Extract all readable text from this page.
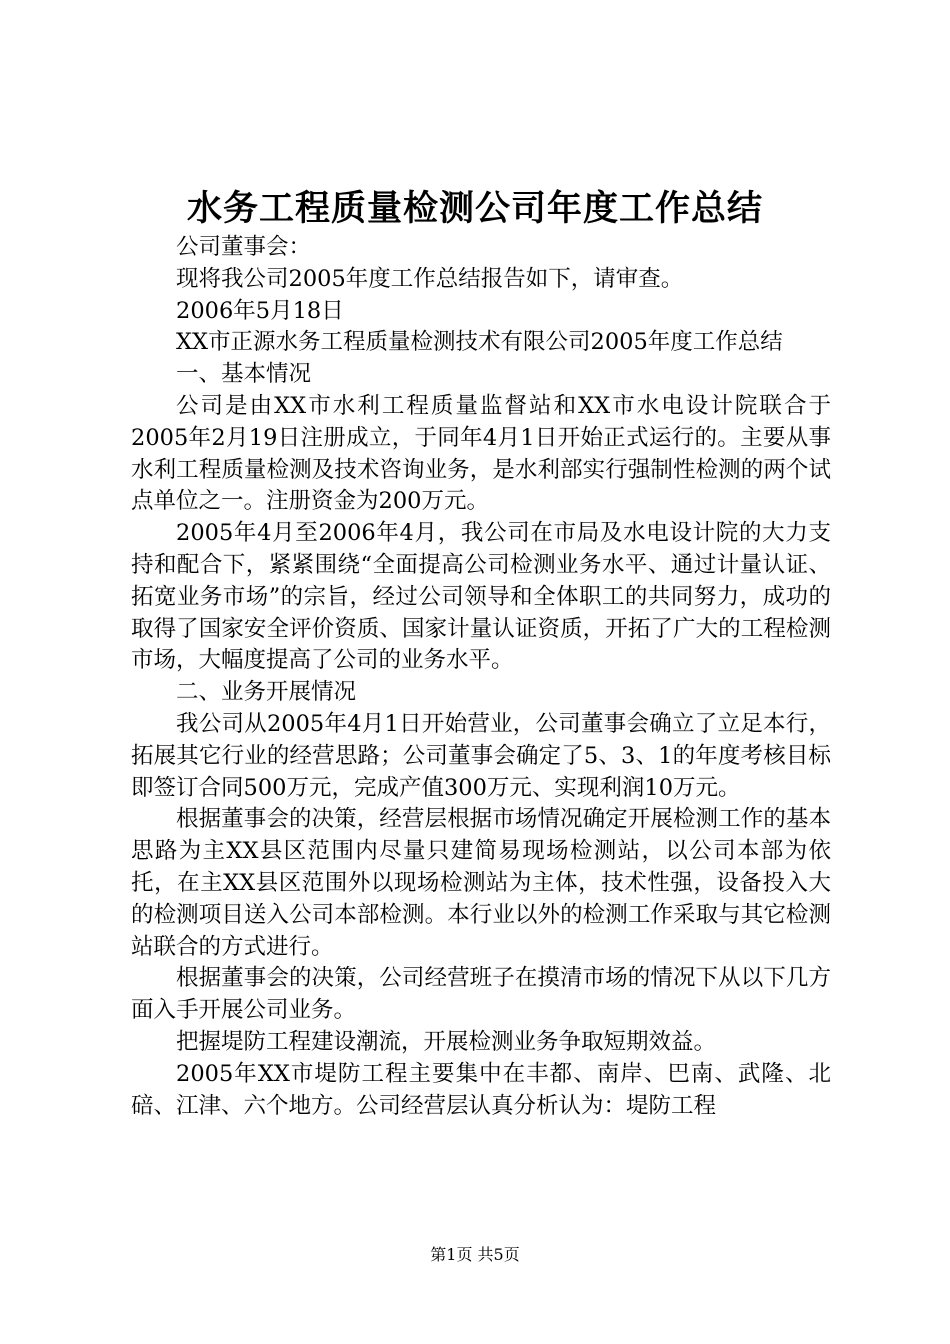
水务工程质量检测公司年度工作总结

公司董事会：

现将我公司2005年度工作总结报告如下，请审查。

2006年5月18日

XX市正源水务工程质量检测技术有限公司2005年度工作总结

一、基本情况

公司是由XX市水利工程质量监督站和XX市水电设计院联合于2005年2月19日注册成立，于同年4月1日开始正式运行的。主要从事水利工程质量检测及技术咨询业务，是水利部实行强制性检测的两个试点单位之一。注册资金为200万元。

2005年4月至2006年4月，我公司在市局及水电设计院的大力支持和配合下，紧紧围绕“全面提高公司检测业务水平、通过计量认证、拓宽业务市场”的宗旨，经过公司领导和全体职工的共同努力，成功的取得了国家安全评价资质、国家计量认证资质，开拓了广大的工程检测市场，大幅度提高了公司的业务水平。

二、业务开展情况

我公司从2005年4月1日开始营业，公司董事会确立了立足本行，拓展其它行业的经营思路；公司董事会确定了5、3、1的年度考核目标即签订合同500万元，完成产值300万元、实现利润10万元。

根据董事会的决策，经营层根据市场情况确定开展检测工作的基本思路为主XX县区范围内尽量只建简易现场检测站，以公司本部为依托，在主XX县区范围外以现场检测站为主体，技术性强，设备投入大的检测项目送入公司本部检测。本行业以外的检测工作采取与其它检测站联合的方式进行。

根据董事会的决策，公司经营班子在摸清市场的情况下从以下几方面入手开展公司业务。

把握堤防工程建设潮流，开展检测业务争取短期效益。

2005年XX市堤防工程主要集中在丰都、南岸、巴南、武隆、北碚、江津、六个地方。公司经营层认真分析认为：堤防工程

第1页 共5页
